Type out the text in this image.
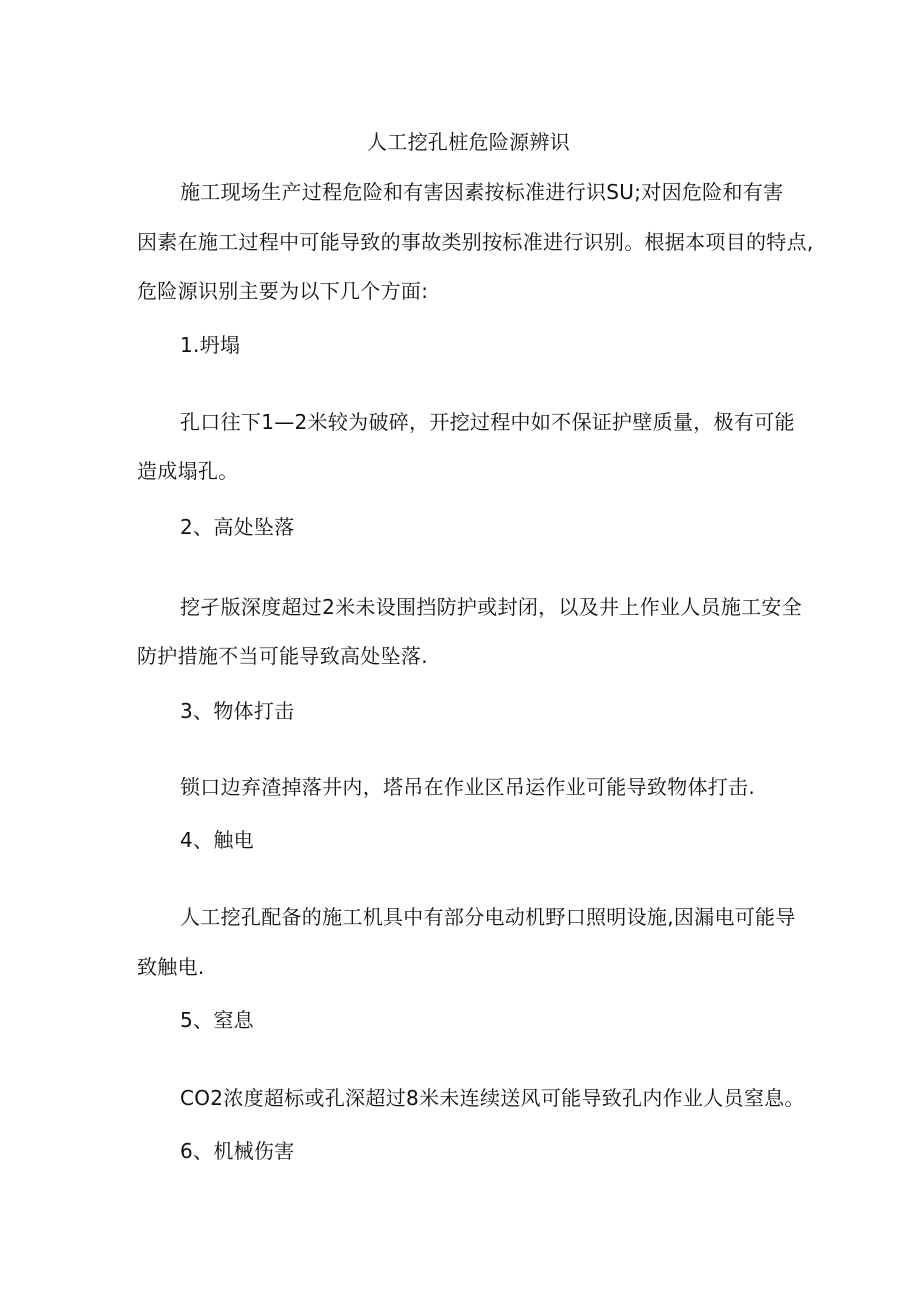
人工挖孔桩危险源辨识
施工现场生产过程危险和有害因素按标准进行识SU;对因危险和有害
因素在施工过程中可能导致的事故类别按标准进行识别。根据本项目的特点,
危险源识别主要为以下几个方面:
1.坍塌
孔口往下1—2米较为破碎，开挖过程中如不保证护壁质量，极有可能
造成塌孔。
2、高处坠落
挖孑版深度超过2米未设围挡防护或封闭，以及井上作业人员施工安全
防护措施不当可能导致高处坠落.
3、物体打击
锁口边弃渣掉落井内，塔吊在作业区吊运作业可能导致物体打击.
4、触电
人工挖孔配备的施工机具中有部分电动机野口照明设施,因漏电可能导
致触电.
5、窒息
CO2浓度超标或孔深超过8米未连续送风可能导致孔内作业人员窒息。
6、机械伤害
